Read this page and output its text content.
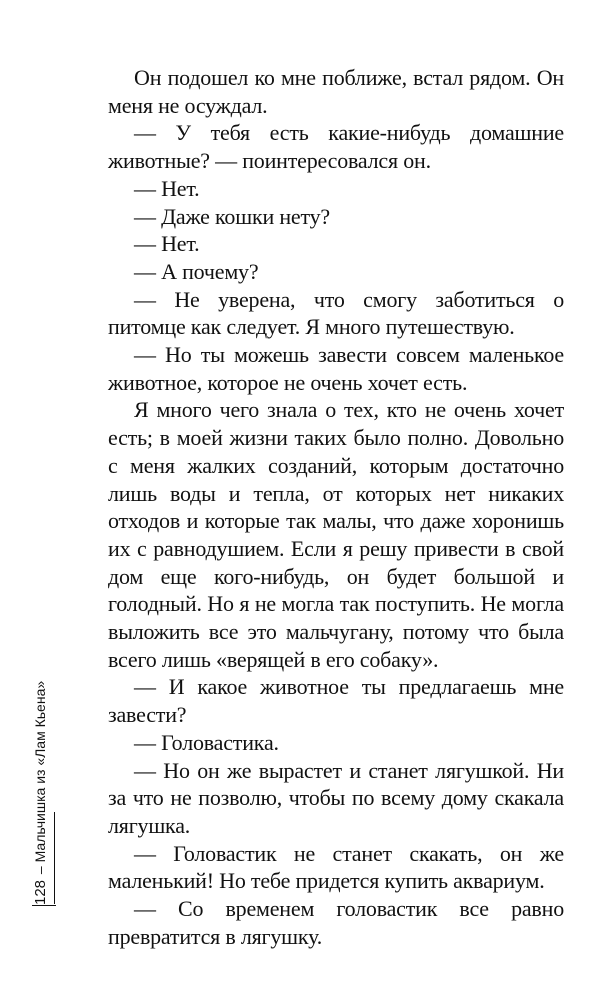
Он подошел ко мне поближе, встал рядом. Он меня не осуждал.

— У тебя есть какие-нибудь домашние животные? — поинтересовался он.

— Нет.

— Даже кошки нету?

— Нет.

— А почему?

— Не уверена, что смогу заботиться о питомце как следует. Я много путешествую.

— Но ты можешь завести совсем маленькое животное, которое не очень хочет есть.

Я много чего знала о тех, кто не очень хочет есть; в моей жизни таких было полно. Довольно с меня жалких созданий, которым достаточно лишь воды и тепла, от которых нет никаких отходов и которые так малы, что даже хоронишь их с равнодушием. Если я решу привести в свой дом еще кого-нибудь, он будет большой и голодный. Но я не могла так поступить. Не могла выложить все это мальчугану, потому что была всего лишь «верящей в его собаку».

— И какое животное ты предлагаешь мне завести?

— Головастика.

— Но он же вырастет и станет лягушкой. Ни за что не позволю, чтобы по всему дому скакала лягушка.

— Головастик не станет скакать, он же маленький! Но тебе придется купить аквариум.

— Со временем головастик все равно превратится в лягушку.

128 – Мальчишка из «Лам Кьена»
